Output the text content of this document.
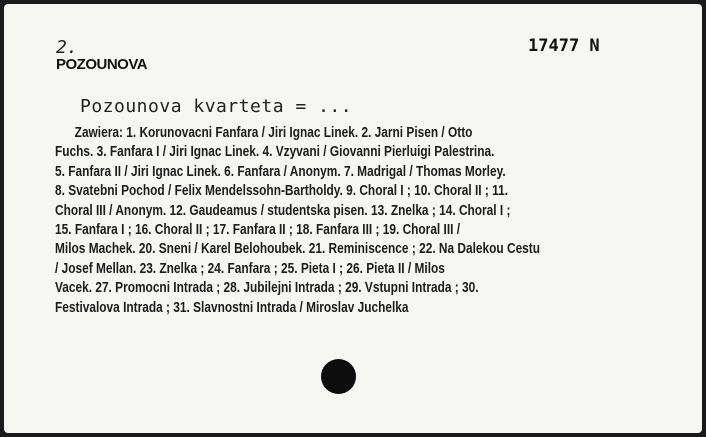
2.
POZOUNOVA
17477 N
Pozounova kvarteta = ...
Zawiera: 1. Korunovacni Fanfara / Jiri Ignac Linek. 2. Jarni Pisen / Otto
Fuchs. 3. Fanfara I / Jiri Ignac Linek. 4. Vzyvani / Giovanni Pierluigi Palestrina.
5. Fanfara II / Jiri Ignac Linek. 6. Fanfara / Anonym. 7. Madrigal / Thomas Morley.
8. Svatebni Pochod / Felix Mendelssohn-Bartholdy. 9. Choral I ; 10. Choral II ; 11.
Choral III / Anonym. 12. Gaudeamus / studentska pisen. 13. Znelka ; 14. Choral I ;
15. Fanfara I ; 16. Choral II ; 17. Fanfara II ; 18. Fanfara III ; 19. Choral III /
Milos Machek. 20. Sneni / Karel Belohoubek. 21. Reminiscence ; 22. Na Dalekou Cestu
/ Josef Mellan. 23. Znelka ; 24. Fanfara ; 25. Pieta I ; 26. Pieta II / Milos
Vacek. 27. Promocni Intrada ; 28. Jubilejni Intrada ; 29. Vstupni Intrada ; 30.
Festivalova Intrada ; 31. Slavnostni Intrada / Miroslav Juchelka
